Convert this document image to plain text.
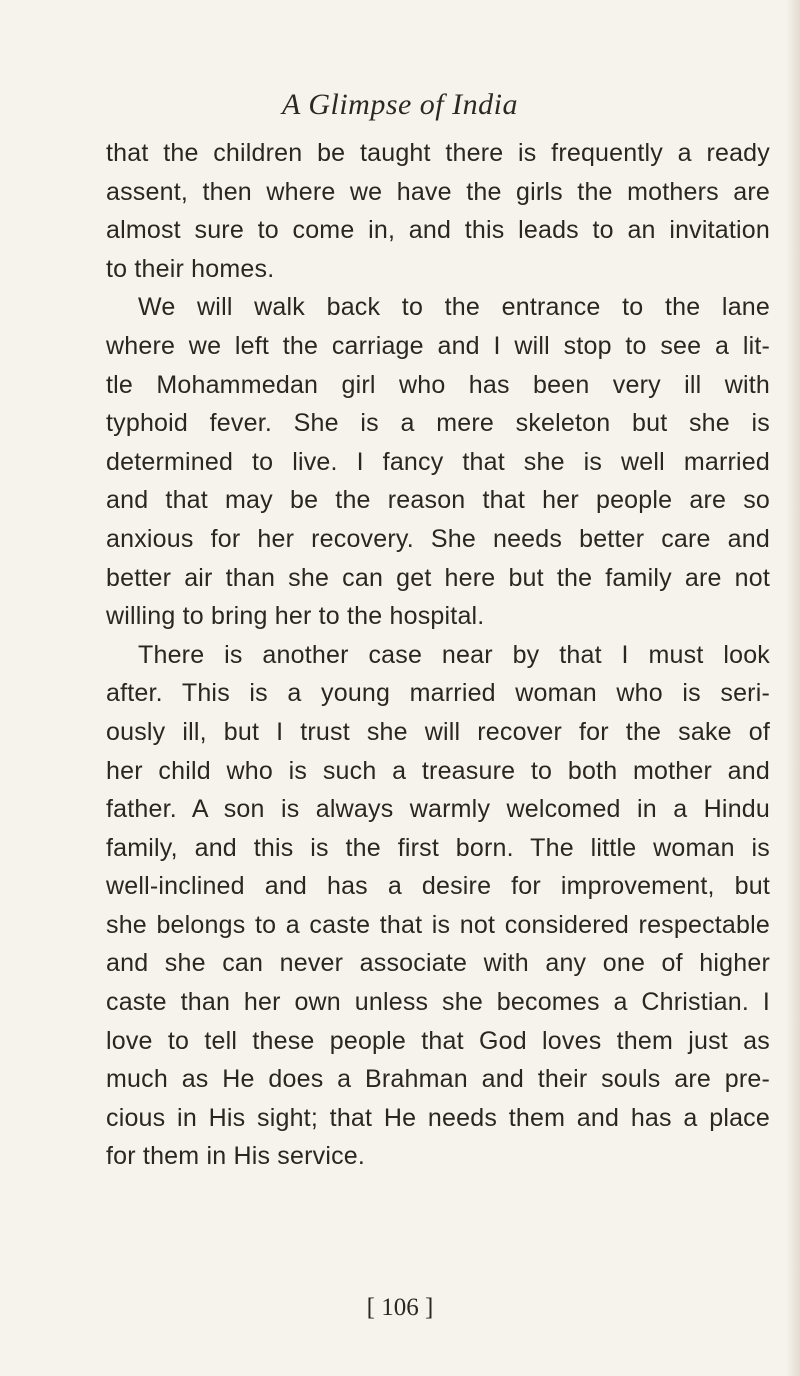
A Glimpse of India
that the children be taught there is frequently a ready
assent, then where we have the girls the mothers are
almost sure to come in, and this leads to an invitation
to their homes.
We will walk back to the entrance to the lane
where we left the carriage and I will stop to see a lit-
tle Mohammedan girl who has been very ill with
typhoid fever. She is a mere skeleton but she is
determined to live. I fancy that she is well married
and that may be the reason that her people are so
anxious for her recovery. She needs better care and
better air than she can get here but the family are not
willing to bring her to the hospital.
There is another case near by that I must look
after. This is a young married woman who is seri-
ously ill, but I trust she will recover for the sake of
her child who is such a treasure to both mother and
father. A son is always warmly welcomed in a Hindu
family, and this is the first born. The little woman is
well-inclined and has a desire for improvement, but
she belongs to a caste that is not considered respectable
and she can never associate with any one of higher
caste than her own unless she becomes a Christian. I
love to tell these people that God loves them just as
much as He does a Brahman and their souls are pre-
cious in His sight; that He needs them and has a place
for them in His service.
[ 106 ]
